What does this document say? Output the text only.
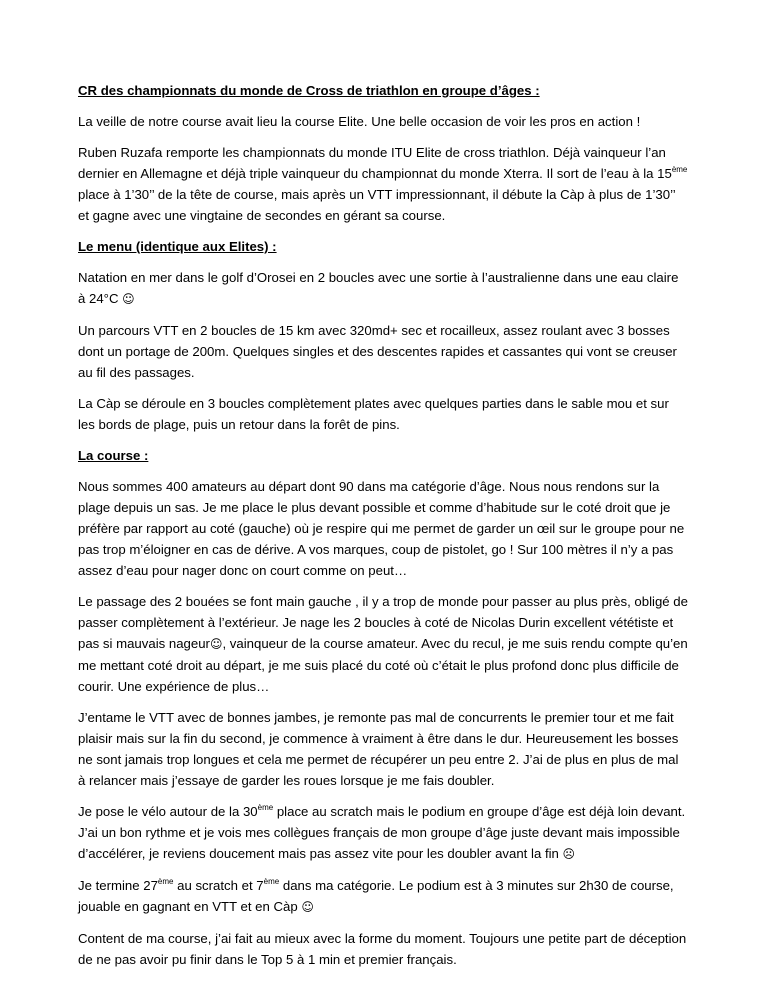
CR des championnats du monde de Cross de triathlon en groupe d’âges :

La veille de notre course avait lieu la course Elite. Une belle occasion de voir les pros en action !

Ruben Ruzafa remporte les championnats du monde ITU Elite de cross triathlon. Déjà vainqueur l’an dernier en Allemagne et déjà triple vainqueur du championnat du monde Xterra. Il sort de l’eau à la 15ème place à 1’30’’ de la tête de course, mais après un VTT impressionnant, il débute la Càp à plus de 1’30’’ et gagne avec une vingtaine de secondes en gérant sa course.

Le menu (identique aux Elites) :

Natation en mer dans le golf d’Orosei en 2 boucles avec une sortie à l’australienne dans une eau claire à 24°C ☺

Un parcours VTT en 2 boucles de 15 km avec 320md+ sec et rocailleux, assez roulant avec 3 bosses dont un portage de 200m. Quelques singles et des descentes rapides et cassantes qui vont se creuser au fil des passages.

La Càp se déroule en 3 boucles complètement plates avec quelques parties dans le sable mou et sur les bords de plage, puis un retour dans la forêt de pins.

La course :

Nous sommes 400 amateurs au départ dont 90 dans ma catégorie d’âge. Nous nous rendons sur la plage depuis un sas. Je me place le plus devant possible et comme d’habitude sur le coté droit que je préfère par rapport au coté (gauche) où je respire qui me permet de garder un œil sur le groupe pour ne pas trop m’éloigner en cas de dérive. A vos marques, coup de pistolet, go ! Sur 100 mètres il n’y a pas assez d’eau pour nager donc on court comme on peut…

Le passage des 2 bouées se font main gauche , il y a trop de monde pour passer au plus près, obligé de passer complètement à l’extérieur. Je nage les 2 boucles à coté de Nicolas Durin excellent vététiste et pas si mauvais nageur☺, vainqueur de la course amateur. Avec du recul, je me suis rendu compte qu’en me mettant coté droit au départ, je me suis placé du coté où c’était le plus profond donc plus difficile de courir. Une expérience de plus…

J’entame le VTT avec de bonnes jambes, je remonte pas mal de concurrents le premier tour et me fait plaisir mais sur la fin du second, je commence à vraiment à être dans le dur. Heureusement les bosses ne sont jamais trop longues et cela me permet de récupérer un peu entre 2. J’ai de plus en plus de mal à relancer mais j’essaye de garder les roues lorsque je me fais doubler.

Je pose le vélo autour de la 30ème place au scratch mais le podium en groupe d’âge est déjà loin devant. J’ai un bon rythme et je vois mes collègues français de mon groupe d’âge juste devant mais impossible d’accélérer, je reviens doucement mais pas assez vite pour les doubler avant la fin ☹

Je termine 27ème au scratch et 7ème dans ma catégorie. Le podium est à 3 minutes sur 2h30 de course, jouable en gagnant en VTT et en Càp ☺

Content de ma course, j’ai fait au mieux avec la forme du moment. Toujours une petite part de déception de ne pas avoir pu finir dans le Top 5 à 1 min et premier français.
